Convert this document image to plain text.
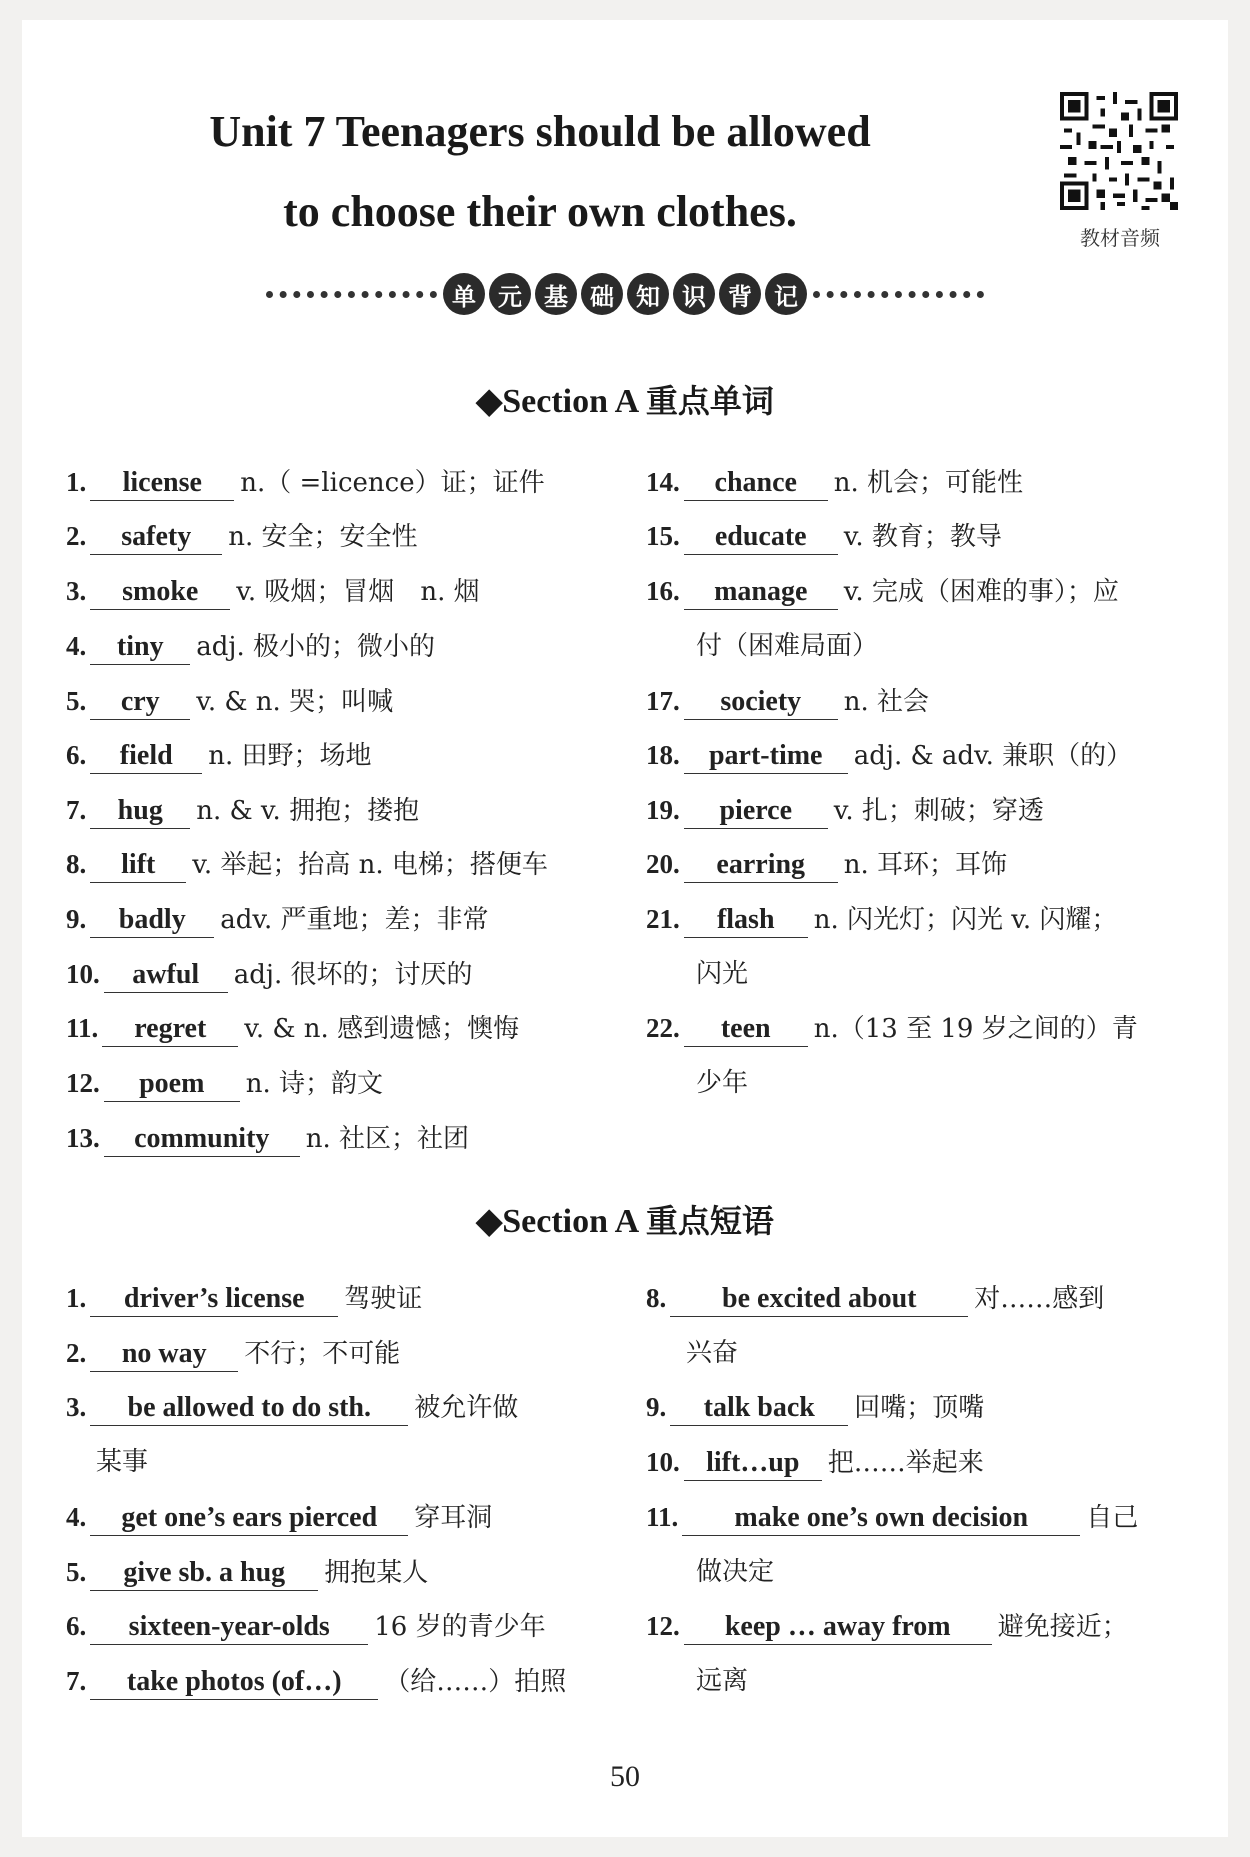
Unit 7 Teenagers should be allowed
to choose their own clothes.
教材音频
单 元 基 础 知 识 背 记
◆Section A 重点单词
1. license n.（ =licence）证；证件
2. safety n. 安全；安全性
3. smoke v. 吸烟；冒烟　n. 烟
4. tiny adj. 极小的；微小的
5. cry v. & n. 哭；叫喊
6. field n. 田野；场地
7. hug n. & v. 拥抱；搂抱
8. lift v. 举起；抬高 n. 电梯；搭便车
9. badly adv. 严重地；差；非常
10. awful adj. 很坏的；讨厌的
11. regret v. & n. 感到遗憾；懊悔
12. poem n. 诗；韵文
13. community n. 社区；社团
14. chance n. 机会；可能性
15. educate v. 教育；教导
16. manage v. 完成（困难的事）；应
付（困难局面）
17. society n. 社会
18. part-time adj. & adv. 兼职（的）
19. pierce v. 扎；刺破；穿透
20. earring n. 耳环；耳饰
21. flash n. 闪光灯；闪光 v. 闪耀；
闪光
22. teen n.（13 至 19 岁之间的）青
少年
◆Section A 重点短语
1. driver’s license 驾驶证
2. no way 不行；不可能
3. be allowed to do sth. 被允许做
某事
4. get one’s ears pierced 穿耳洞
5. give sb. a hug 拥抱某人
6. sixteen-year-olds 16 岁的青少年
7. take photos (of…) （给……）拍照
8. be excited about 对……感到
兴奋
9. talk back 回嘴；顶嘴
10. lift…up 把……举起来
11. make one’s own decision 自己
做决定
12. keep … away from 避免接近；
远离
50
